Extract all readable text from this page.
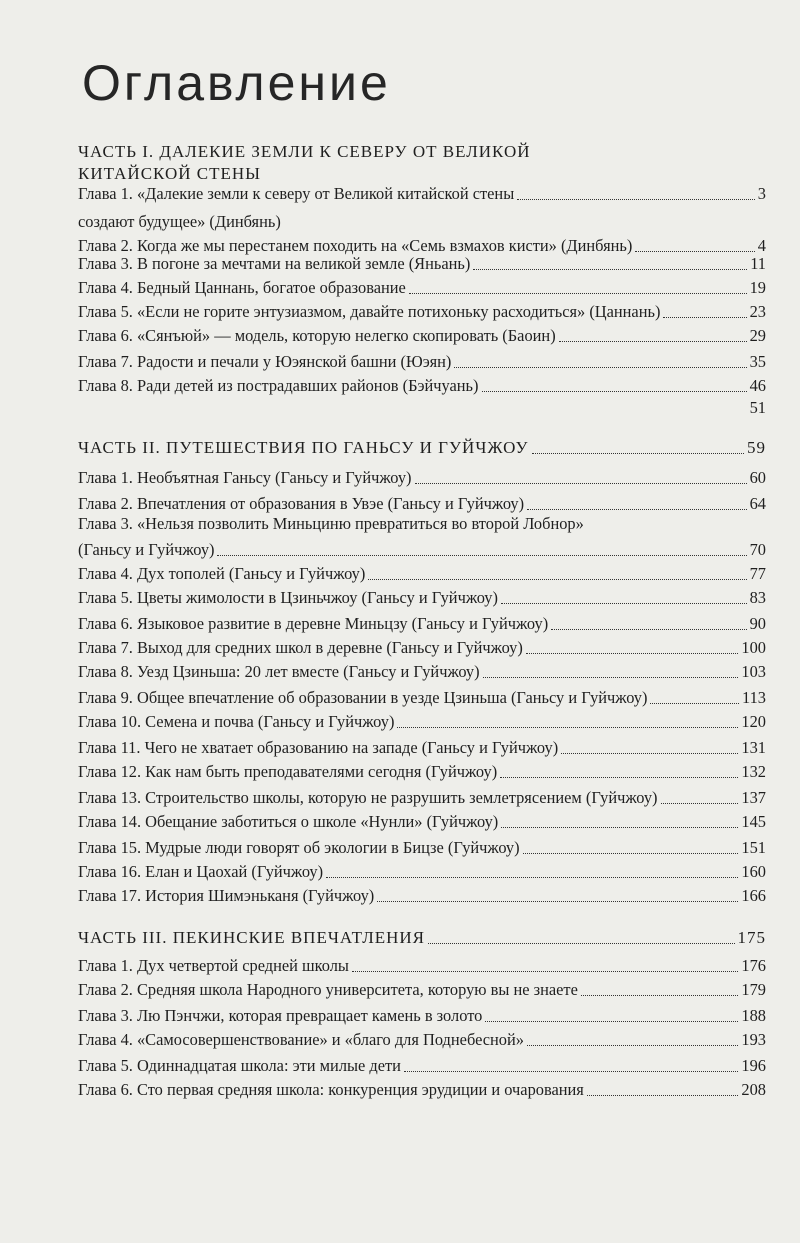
Оглавление
ЧАСТЬ I. ДАЛЕКИЕ ЗЕМЛИ К СЕВЕРУ ОТ ВЕЛИКОЙ
КИТАЙСКОЙ СТЕНЫ
Глава 1. «Далекие земли к северу от Великой китайской стены	3
создают будущее» (Динбянь)
Глава 2. Когда же мы перестанем походить на «Семь взмахов кисти» (Динбянь)	4
Глава 3. В погоне за мечтами на великой земле (Яньань)	11
Глава 4. Бедный Цаннань, богатое образование	19
Глава 5. «Если не горите энтузиазмом, давайте потихоньку расходиться» (Цаннань)	23
Глава 6. «Сянъюй» — модель, которую нелегко скопировать (Баоин)	29
Глава 7. Радости и печали у Юэянской башни (Юэян)	35
Глава 8. Ради детей из пострадавших районов (Бэйчуань)	46
51
ЧАСТЬ II. ПУТЕШЕСТВИЯ ПО ГАНЬСУ И ГУЙЧЖОУ	59
Глава 1. Необъятная Ганьсу (Ганьсу и Гуйчжоу)	60
Глава 2. Впечатления от образования в Увэе (Ганьсу и Гуйчжоу)	64
Глава 3. «Нельзя позволить Миньциню превратиться во второй Лобнор»
(Ганьсу и Гуйчжоу)	70
Глава 4. Дух тополей (Ганьсу и Гуйчжоу)	77
Глава 5. Цветы жимолости в Цзиньчжоу (Ганьсу и Гуйчжоу)	83
Глава 6. Языковое развитие в деревне Миньцзу (Ганьсу и Гуйчжоу)	90
Глава 7. Выход для средних школ в деревне (Ганьсу и Гуйчжоу)	100
Глава 8. Уезд Цзиньша: 20 лет вместе (Ганьсу и Гуйчжоу)	103
Глава 9. Общее впечатление об образовании в уезде Цзиньша (Ганьсу и Гуйчжоу)	113
Глава 10. Семена и почва (Ганьсу и Гуйчжоу)	120
Глава 11. Чего не хватает образованию на западе (Ганьсу и Гуйчжоу)	131
Глава 12. Как нам быть преподавателями сегодня (Гуйчжоу)	132
Глава 13. Строительство школы, которую не разрушить землетрясением (Гуйчжоу)	137
Глава 14. Обещание заботиться о школе «Нунли» (Гуйчжоу)	145
Глава 15. Мудрые люди говорят об экологии в Бицзе (Гуйчжоу)	151
Глава 16. Елан и Цаохай (Гуйчжоу)	160
Глава 17. История Шимэньканя (Гуйчжоу)	166
ЧАСТЬ III. ПЕКИНСКИЕ ВПЕЧАТЛЕНИЯ	175
Глава 1. Дух четвертой средней школы	176
Глава 2. Средняя школа Народного университета, которую вы не знаете	179
Глава 3. Лю Пэнчжи, которая превращает камень в золото	188
Глава 4. «Самосовершенствование» и «благо для Поднебесной»	193
Глава 5. Одиннадцатая школа: эти милые дети	196
Глава 6. Сто первая средняя школа: конкуренция эрудиции и очарования	208
